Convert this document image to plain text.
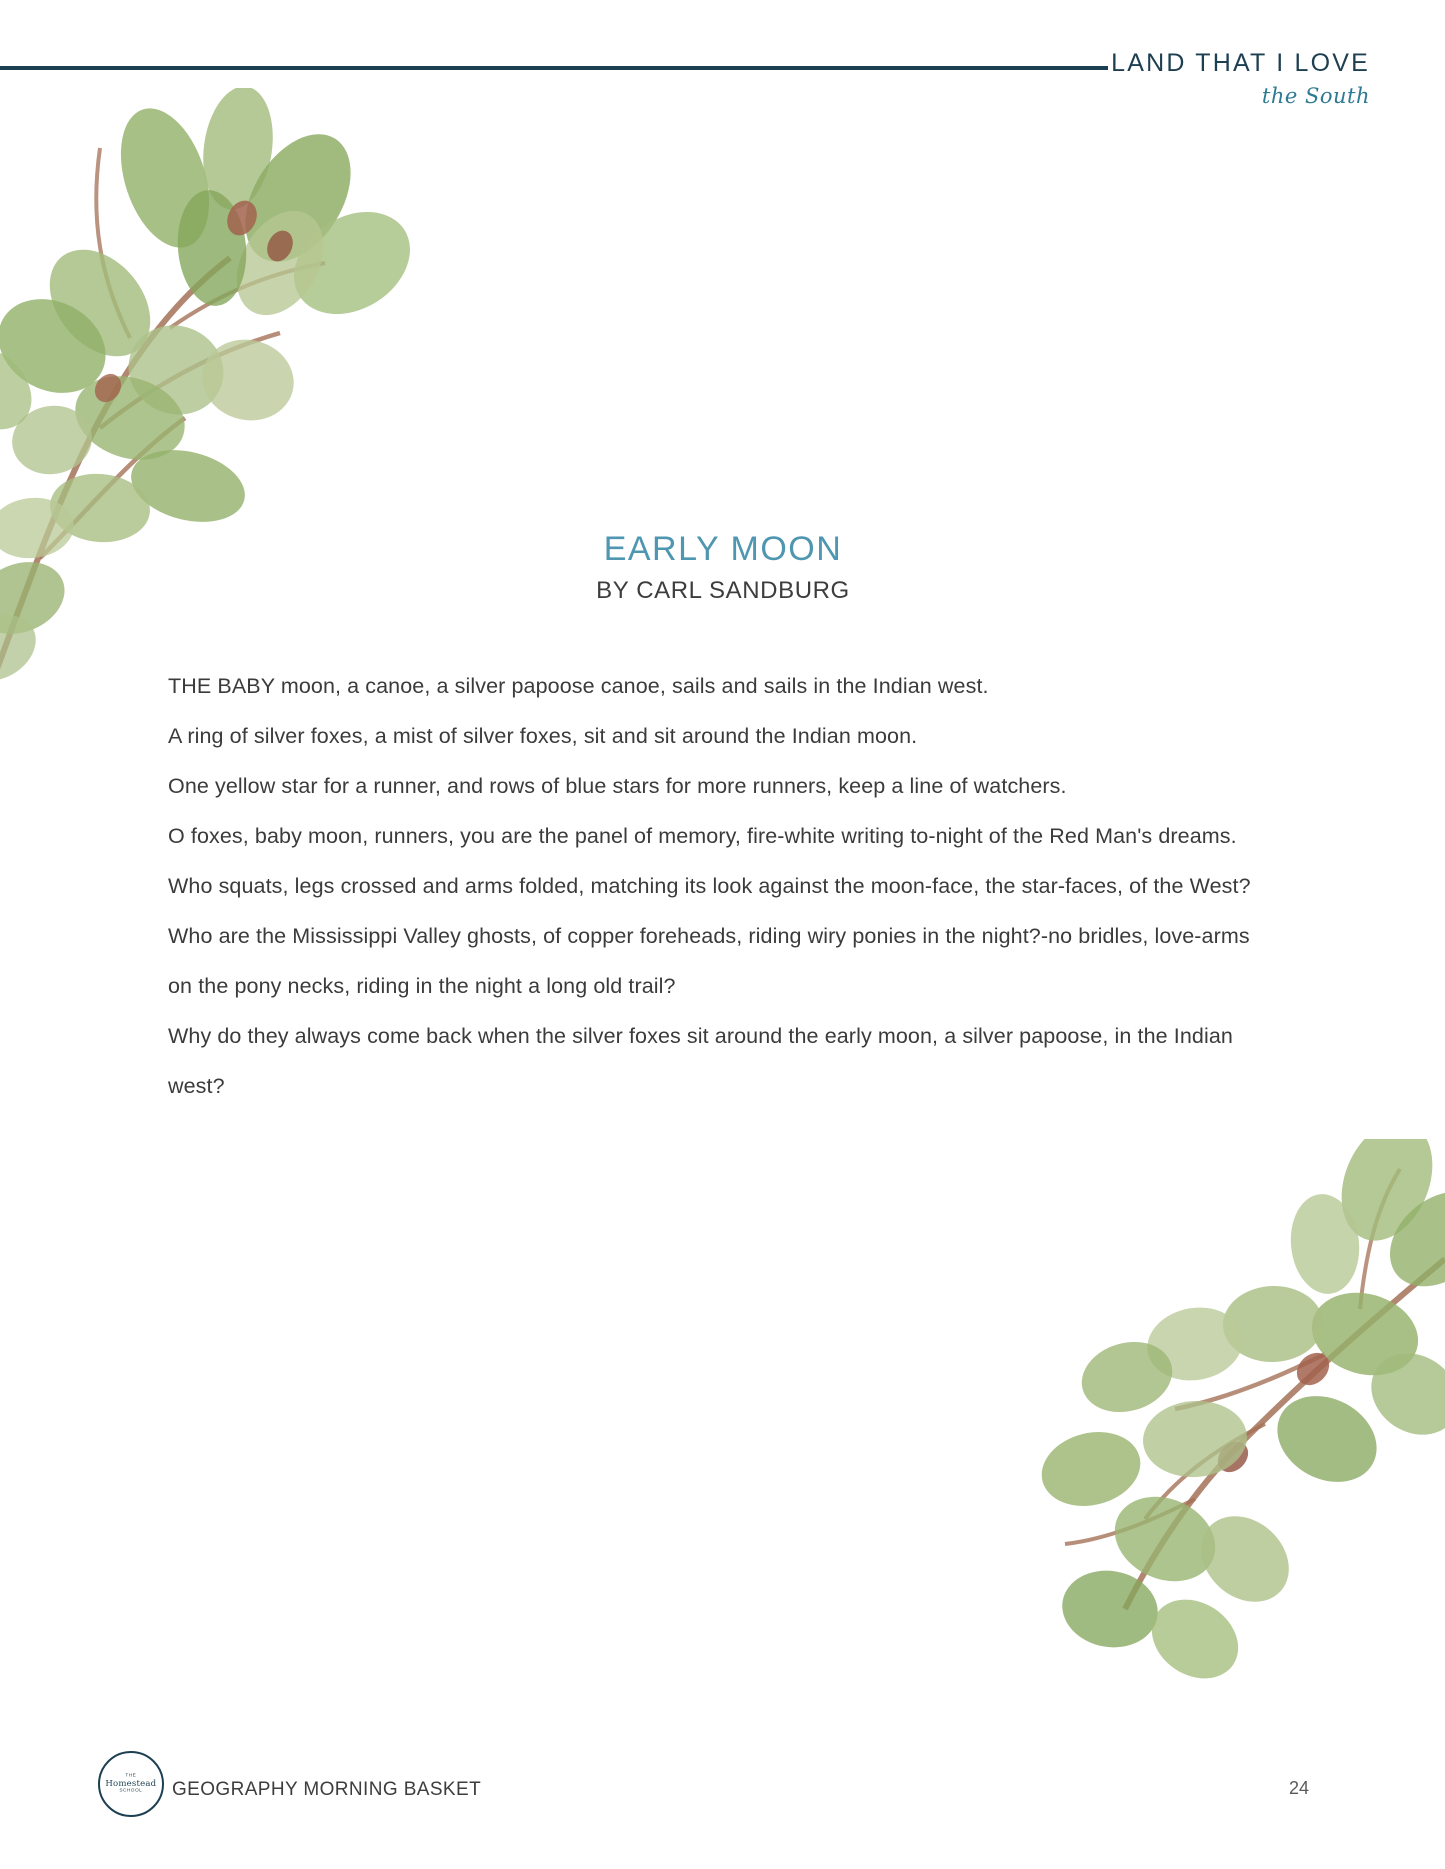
LAND THAT I LOVE
the South
EARLY MOON
BY CARL SANDBURG

THE BABY moon, a canoe, a silver papoose canoe, sails and sails in the Indian west.

A ring of silver foxes, a mist of silver foxes, sit and sit around the Indian moon.

One yellow star for a runner, and rows of blue stars for more runners, keep a line of watchers.

O foxes, baby moon, runners, you are the panel of memory, fire-white writing to-night of the Red Man's dreams.

Who squats, legs crossed and arms folded, matching its look against the moon-face, the star-faces, of the West?

Who are the Mississippi Valley ghosts, of copper foreheads, riding wiry ponies in the night?-no bridles, love-arms on the pony necks, riding in the night a long old trail?

Why do they always come back when the silver foxes sit around the early moon, a silver papoose, in the Indian west?

THE
Homestead
SCHOOL	GEOGRAPHY MORNING BASKET	24
